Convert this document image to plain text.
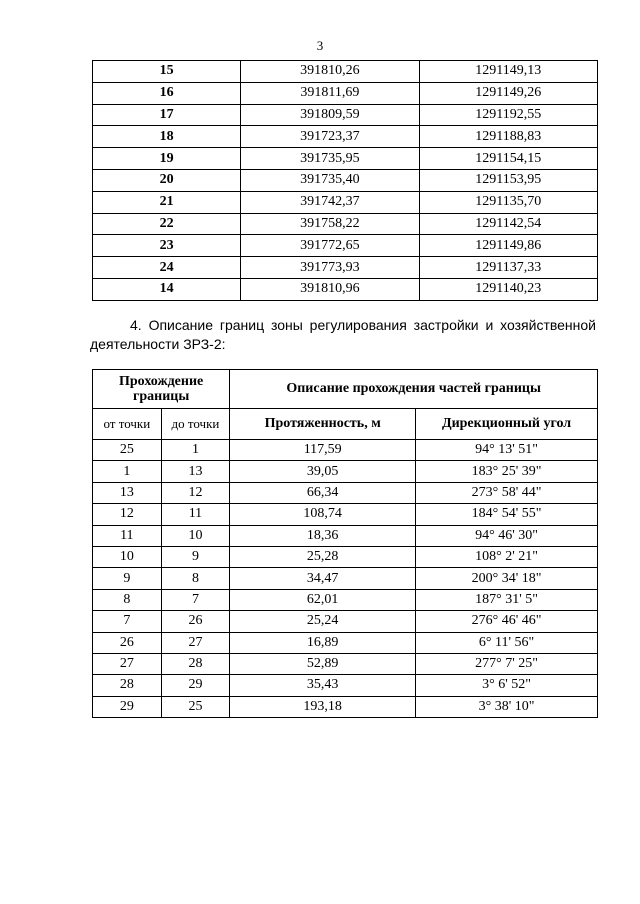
3
15	391810,26	1291149,13
16	391811,69	1291149,26
17	391809,59	1291192,55
18	391723,37	1291188,83
19	391735,95	1291154,15
20	391735,40	1291153,95
21	391742,37	1291135,70
22	391758,22	1291142,54
23	391772,65	1291149,86
24	391773,93	1291137,33
14	391810,96	1291140,23
4. Описание границ зоны регулирования застройки и хозяйственной
деятельности ЗРЗ-2:
Прохождение границы		Описание прохождения частей границы	
от точки	до точки	Протяженность, м	Дирекционный угол
25	1	117,59	94° 13' 51"
1	13	39,05	183° 25' 39"
13	12	66,34	273° 58' 44"
12	11	108,74	184° 54' 55"
11	10	18,36	94° 46' 30"
10	9	25,28	108° 2' 21"
9	8	34,47	200° 34' 18"
8	7	62,01	187° 31' 5"
7	26	25,24	276° 46' 46"
26	27	16,89	6° 11' 56"
27	28	52,89	277° 7' 25"
28	29	35,43	3° 6' 52"
29	25	193,18	3° 38' 10"
